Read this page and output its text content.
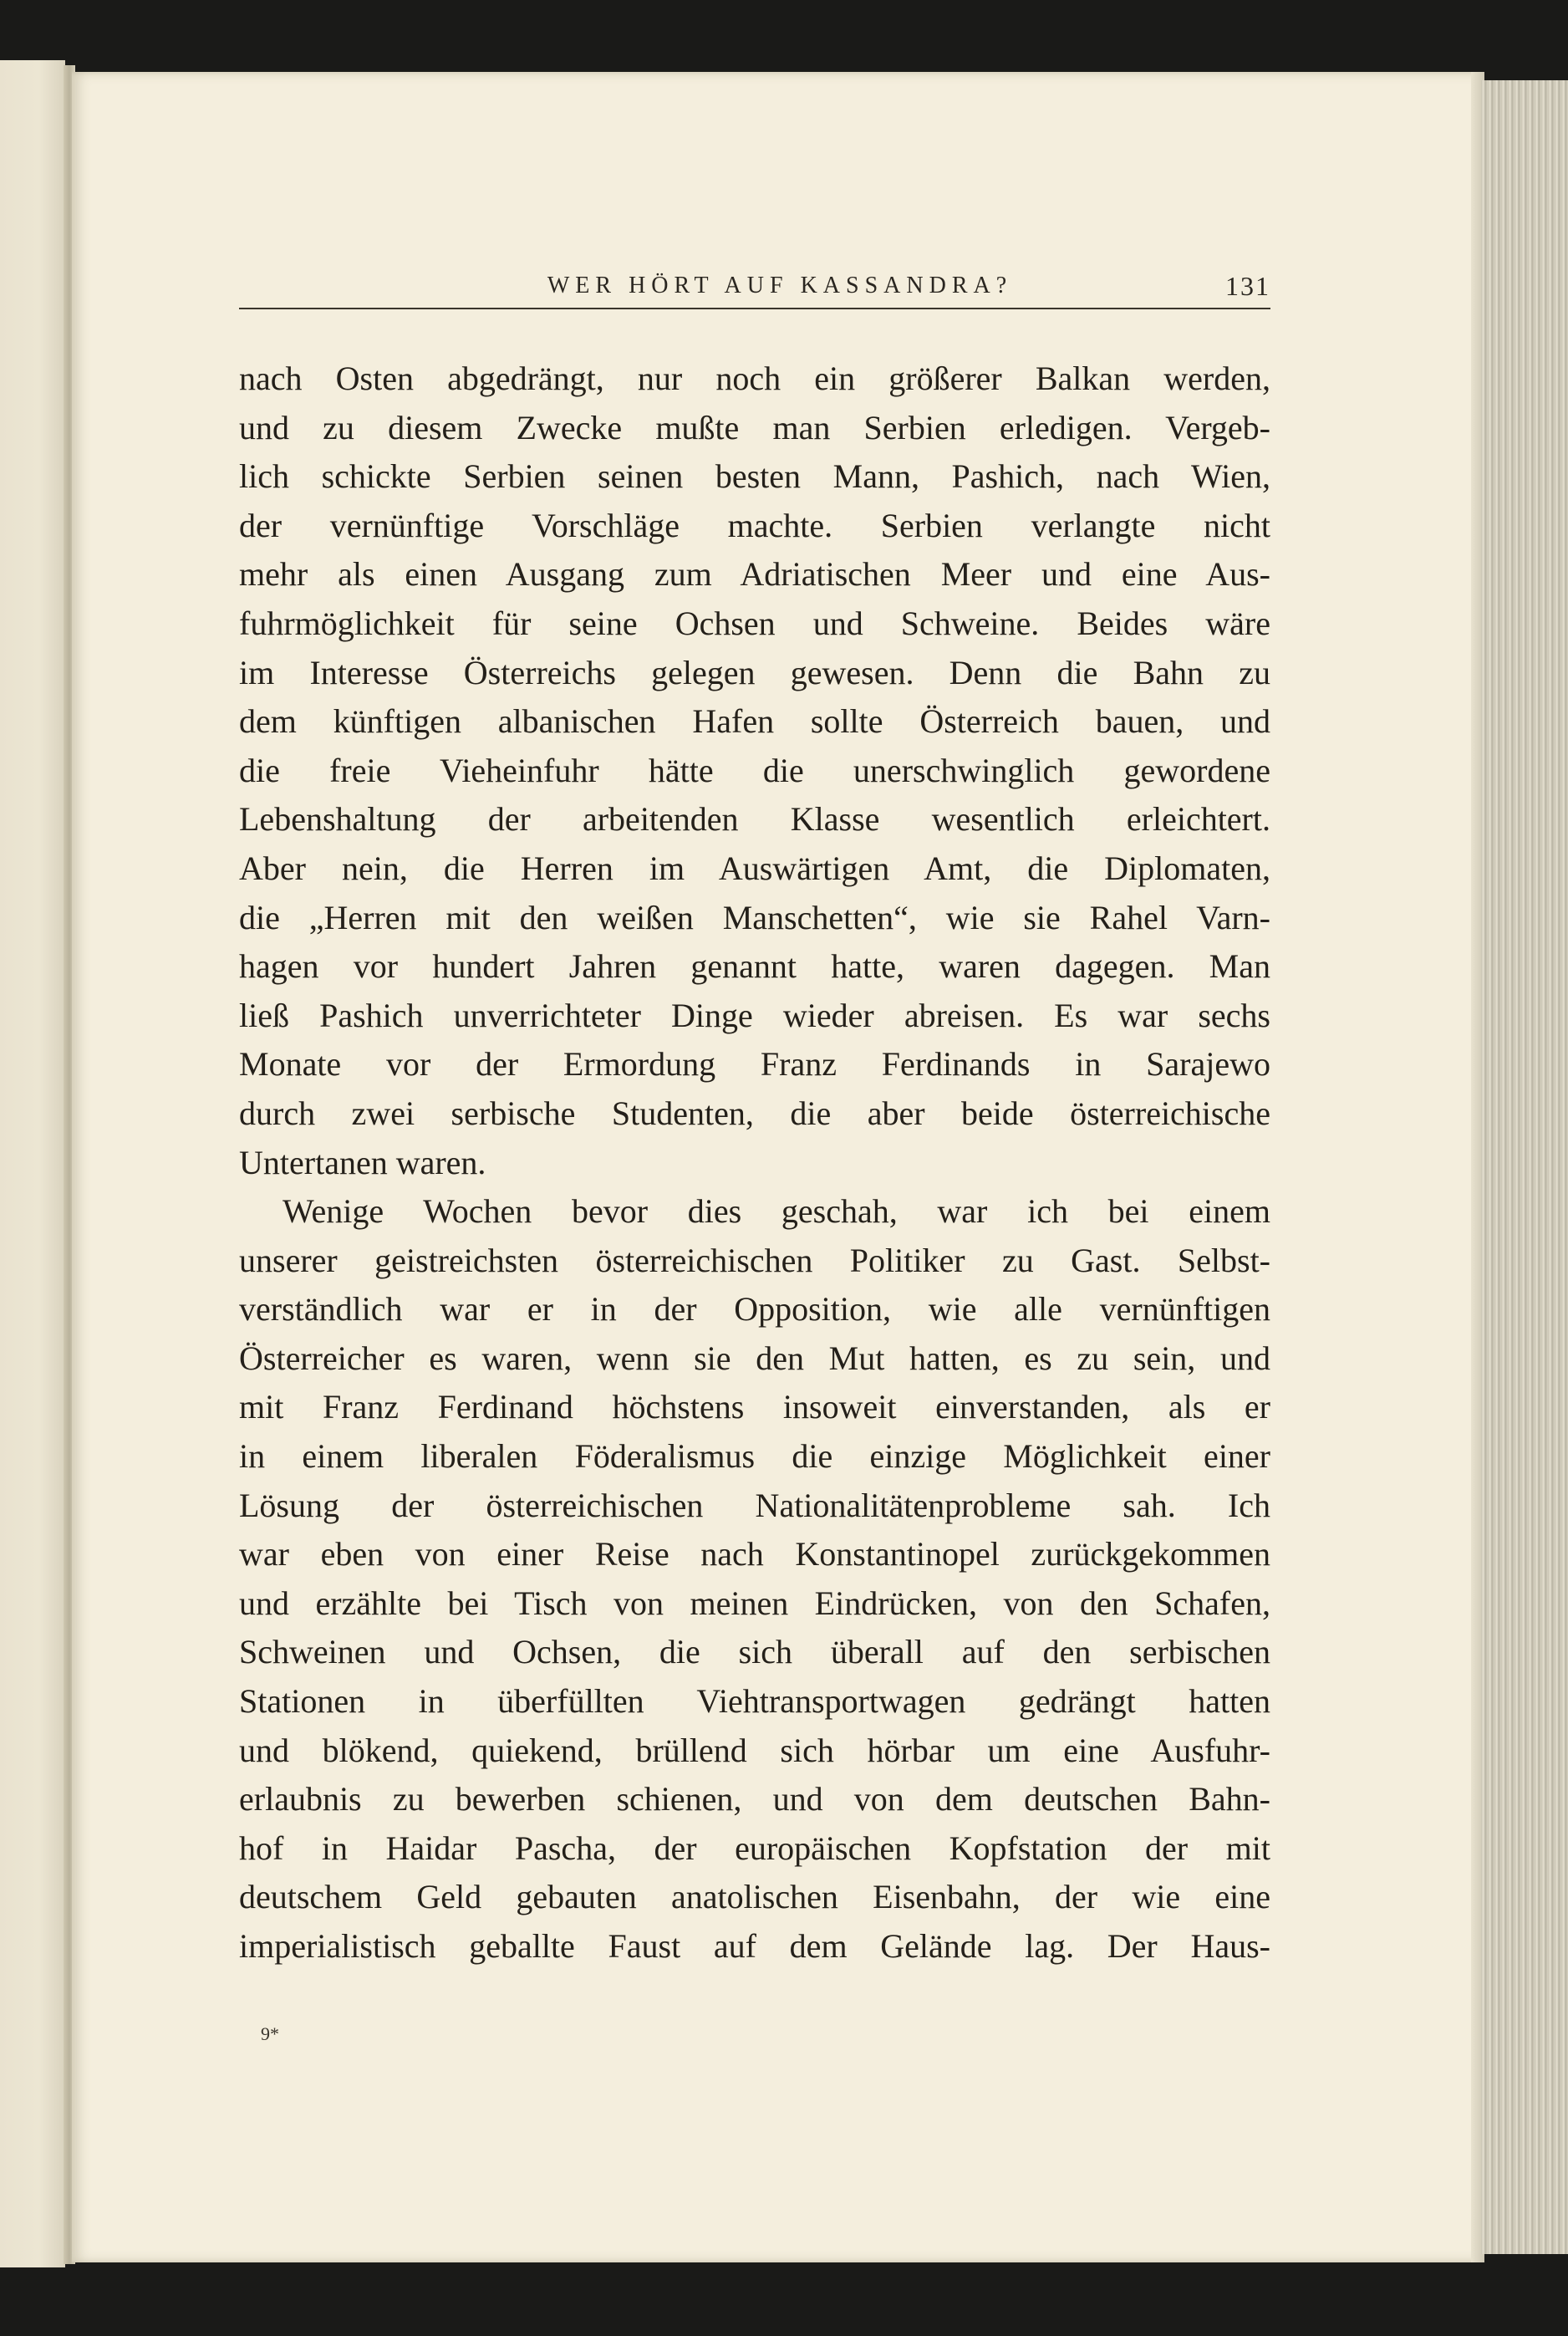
WER HÖRT AUF KASSANDRA?	131
nach Osten abgedrängt, nur noch ein größerer Balkan werden,
und zu diesem Zwecke mußte man Serbien erledigen. Vergeb-
lich schickte Serbien seinen besten Mann, Pashich, nach Wien,
der vernünftige Vorschläge machte. Serbien verlangte nicht
mehr als einen Ausgang zum Adriatischen Meer und eine Aus-
fuhrmöglichkeit für seine Ochsen und Schweine. Beides wäre
im Interesse Österreichs gelegen gewesen. Denn die Bahn zu
dem künftigen albanischen Hafen sollte Österreich bauen, und
die freie Vieheinfuhr hätte die unerschwinglich gewordene
Lebenshaltung der arbeitenden Klasse wesentlich erleichtert.
Aber nein, die Herren im Auswärtigen Amt, die Diplomaten,
die „Herren mit den weißen Manschetten“, wie sie Rahel Varn-
hagen vor hundert Jahren genannt hatte, waren dagegen. Man
ließ Pashich unverrichteter Dinge wieder abreisen. Es war sechs
Monate vor der Ermordung Franz Ferdinands in Sarajewo
durch zwei serbische Studenten, die aber beide österreichische
Untertanen waren.
Wenige Wochen bevor dies geschah, war ich bei einem
unserer geistreichsten österreichischen Politiker zu Gast. Selbst-
verständlich war er in der Opposition, wie alle vernünftigen
Österreicher es waren, wenn sie den Mut hatten, es zu sein, und
mit Franz Ferdinand höchstens insoweit einverstanden, als er
in einem liberalen Föderalismus die einzige Möglichkeit einer
Lösung der österreichischen Nationalitätenprobleme sah. Ich
war eben von einer Reise nach Konstantinopel zurückgekommen
und erzählte bei Tisch von meinen Eindrücken, von den Schafen,
Schweinen und Ochsen, die sich überall auf den serbischen
Stationen in überfüllten Viehtransportwagen gedrängt hatten
und blökend, quiekend, brüllend sich hörbar um eine Ausfuhr-
erlaubnis zu bewerben schienen, und von dem deutschen Bahn-
hof in Haidar Pascha, der europäischen Kopfstation der mit
deutschem Geld gebauten anatolischen Eisenbahn, der wie eine
imperialistisch geballte Faust auf dem Gelände lag. Der Haus-
9*
